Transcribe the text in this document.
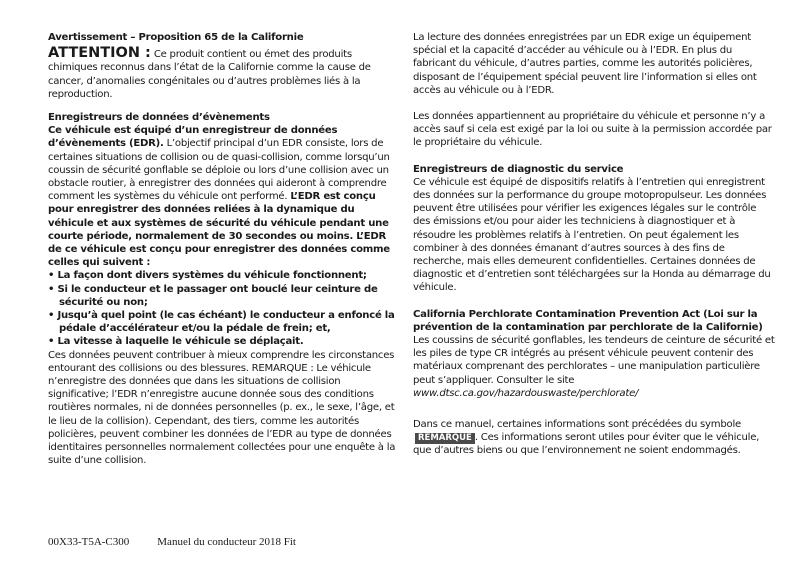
Avertissement – Proposition 65 de la Californie

ATTENTION : Ce produit contient ou émet des produits chimiques reconnus dans l’état de la Californie comme la cause de cancer, d’anomalies congénitales ou d’autres problèmes liés à la reproduction.

Enregistreurs de données d’évènements

Ce véhicule est équipé d’un enregistreur de données d’évènements (EDR). L’objectif principal d’un EDR consiste, lors de certaines situations de collision ou de quasi-collision, comme lorsqu’un coussin de sécurité gonflable se déploie ou lors d’une collision avec un obstacle routier, à enregistrer des données qui aideront à comprendre comment les systèmes du véhicule ont performé. L’EDR est conçu pour enregistrer des données reliées à la dynamique du véhicule et aux systèmes de sécurité du véhicule pendant une courte période, normalement de 30 secondes ou moins. L’EDR de ce véhicule est conçu pour enregistrer des données comme celles qui suivent :

• La façon dont divers systèmes du véhicule fonctionnent;
• Si le conducteur et le passager ont bouclé leur ceinture de sécurité ou non;
• Jusqu’à quel point (le cas échéant) le conducteur a enfoncé la pédale d’accélérateur et/ou la pédale de frein; et,
• La vitesse à laquelle le véhicule se déplaçait.

Ces données peuvent contribuer à mieux comprendre les circonstances entourant des collisions ou des blessures. REMARQUE : Le véhicule n’enregistre des données que dans les situations de collision significative; l’EDR n’enregistre aucune donnée sous des conditions routières normales, ni de données personnelles (p. ex., le sexe, l’âge, et le lieu de la collision). Cependant, des tiers, comme les autorités policières, peuvent combiner les données de l’EDR au type de données identitaires personnelles normalement collectées pour une enquête à la suite d’une collision.

La lecture des données enregistrées par un EDR exige un équipement spécial et la capacité d’accéder au véhicule ou à l’EDR. En plus du fabricant du véhicule, d’autres parties, comme les autorités policières, disposant de l’équipement spécial peuvent lire l’information si elles ont accès au véhicule ou à l’EDR.

Les données appartiennent au propriétaire du véhicule et personne n’y a accès sauf si cela est exigé par la loi ou suite à la permission accordée par le propriétaire du véhicule.

Enregistreurs de diagnostic du service

Ce véhicule est équipé de dispositifs relatifs à l’entretien qui enregistrent des données sur la performance du groupe motopropulseur. Les données peuvent être utilisées pour vérifier les exigences légales sur le contrôle des émissions et/ou pour aider les techniciens à diagnostiquer et à résoudre les problèmes relatifs à l’entretien. On peut également les combiner à des données émanant d’autres sources à des fins de recherche, mais elles demeurent confidentielles. Certaines données de diagnostic et d’entretien sont téléchargées sur la Honda au démarrage du véhicule.

California Perchlorate Contamination Prevention Act (Loi sur la prévention de la contamination par perchlorate de la Californie)

Les coussins de sécurité gonflables, les tendeurs de ceinture de sécurité et les piles de type CR intégrés au présent véhicule peuvent contenir des matériaux comprenant des perchlorates – une manipulation particulière peut s’appliquer. Consulter le site www.dtsc.ca.gov/hazardouswaste/perchlorate/

Dans ce manuel, certaines informations sont précédées du symbole REMARQUE . Ces informations seront utiles pour éviter que le véhicule, que d’autres biens ou que l’environnement ne soient endommagés.

00X33-T5A-C300	Manuel du conducteur 2018 Fit
